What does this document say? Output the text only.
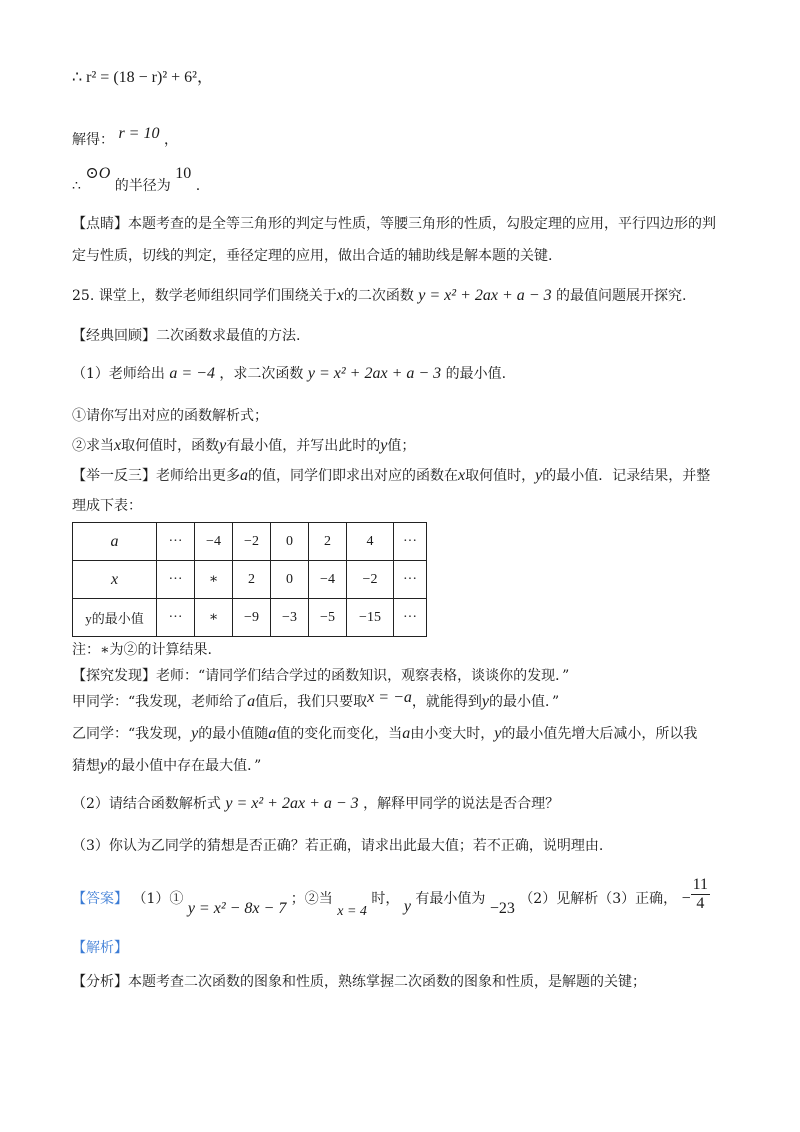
∴ r² = (18 − r)² + 6²，
解得： r = 10 ，
∴ ⊙O 的半径为 10 .
【点睛】本题考查的是全等三角形的判定与性质，等腰三角形的性质，勾股定理的应用，平行四边形的判
定与性质，切线的判定，垂径定理的应用，做出合适的辅助线是解本题的关键.
25. 课堂上，数学老师组织同学们围绕关于x的二次函数 y = x² + 2ax + a − 3 的最值问题展开探究.
【经典回顾】二次函数求最值的方法.
（1）老师给出 a = −4 ，求二次函数 y = x² + 2ax + a − 3 的最小值.
①请你写出对应的函数解析式；
②求当x取何值时，函数y有最小值，并写出此时的y值；
【举一反三】老师给出更多a的值，同学们即求出对应的函数在x取何值时，y的最小值．记录结果，并整
理成下表：
a	···	−4	−2	0	2	4	···
x	···	∗	2	0	−4	−2	···
y的最小值	···	∗	−9	−3	−5	−15	···
注：∗为②的计算结果.
【探究发现】老师：“请同学们结合学过的函数知识，观察表格，谈谈你的发现．”
甲同学：“我发现，老师给了a值后，我们只要取x = −a，就能得到y的最小值．”
乙同学：“我发现，y的最小值随a值的变化而变化，当a由小变大时，y的最小值先增大后减小，所以我
猜想y的最小值中存在最大值．”
（2）请结合函数解析式 y = x² + 2ax + a − 3 ，解释甲同学的说法是否合理？
（3）你认为乙同学的猜想是否正确？若正确，请求出此最大值；若不正确，说明理由.
【答案】 （1）① y = x² − 8x − 7 ；②当 x = 4 时， y 有最小值为 −23 （2）见解析（3）正确， − $\frac{11}{4}$
【解析】
【分析】本题考查二次函数的图象和性质，熟练掌握二次函数的图象和性质，是解题的关键；
